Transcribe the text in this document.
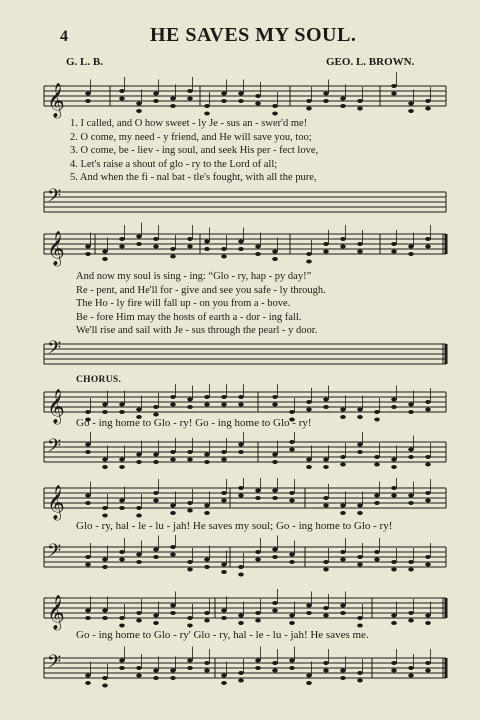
4	HE SAVES MY SOUL.
G. L. B.	GEO. L. BROWN.
𝄞
1. I called, and O how sweet - ly Je - sus an - swer'd me!
2. O come, my need - y friend, and He will save you, too;
3. O come, be - liev - ing soul, and seek His per - fect love,
4. Let's raise a shout of glo - ry to the Lord of all;
5. And when the fi - nal bat - tle's fought, with all the pure,
𝄢
𝄞
And now my soul is sing - ing: “Glo - ry, hap - py day!”
Re - pent, and He'll for - give and see you safe - ly through.
The Ho - ly fire will fall up - on you from a - bove.
Be - fore Him may the hosts of earth a - dor - ing fall.
We'll rise and sail with Je - sus through the pearl - y door.
𝄢
CHORUS.
𝄞 Go - ing home to Glo - ry! Go - ing home to Glo - ry!
𝄢
𝄞
Glo - ry, hal - le - lu - jah! He saves my soul; Go - ing home to Glo - ry!
𝄢
𝄞
Go - ing home to Glo - ry' Glo - ry, hal - le - lu - jah! He saves me.
𝄢
